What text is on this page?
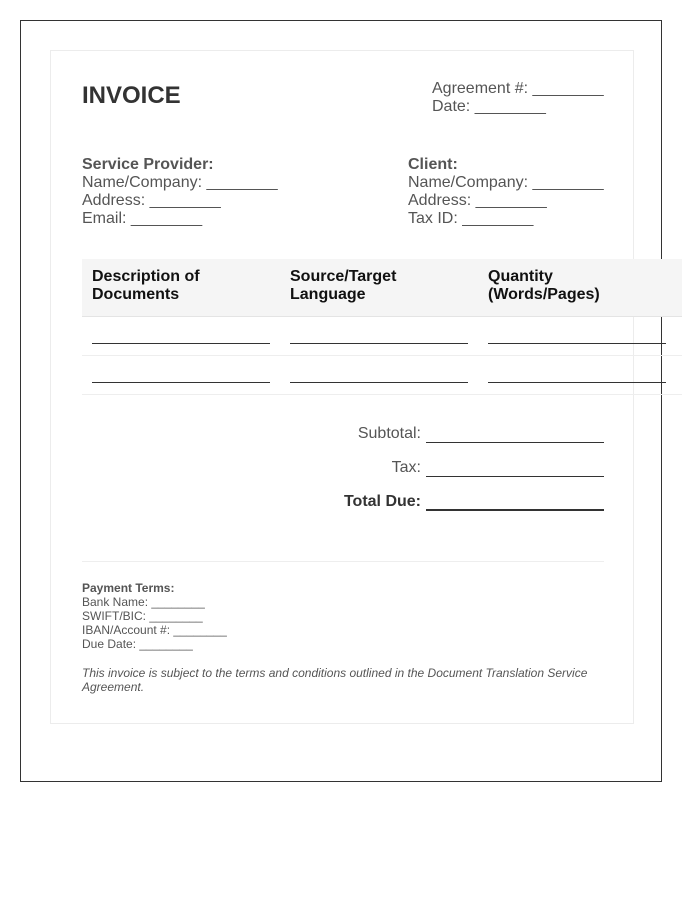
INVOICE	Agreement #: ________
Date: ________
Service Provider:
Name/Company: ________
Address: ________
Email: ________
Client:
Name/Company: ________
Address: ________
Tax ID: ________
Description of Documents
Source/Target Language
Quantity (Words/Pages)
Subtotal:
Tax:
Total Due:
Payment Terms:
Bank Name: ________
SWIFT/BIC: ________
IBAN/Account #: ________
Due Date: ________
This invoice is subject to the terms and conditions outlined in the Document Translation Service Agreement.
